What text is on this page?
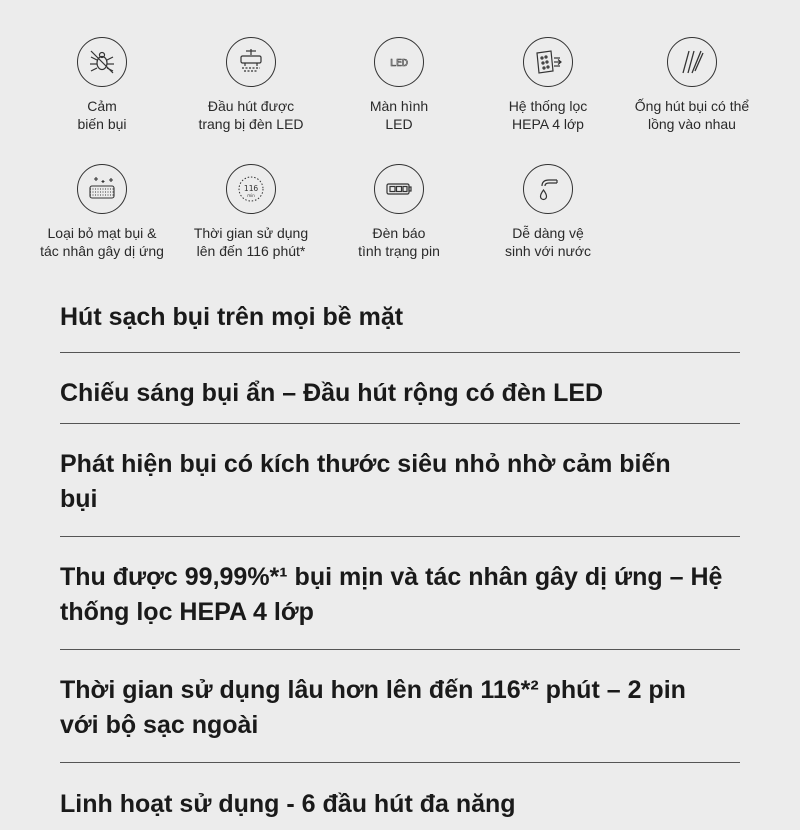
Cảm
biến bụi
Đầu hút được
trang bị đèn LED
LED
Màn hình
LED
Hệ thống lọc
HEPA 4 lớp
Ống hút bụi có thể
lồng vào nhau
Loại bỏ mạt bụi &
tác nhân gây dị ứng
116
min
Thời gian sử dụng
lên đến 116 phút*
Đèn báo
tình trạng pin
Dễ dàng vệ
sinh với nước
Hút sạch bụi trên mọi bề mặt
Chiếu sáng bụi ẩn – Đầu hút rộng có đèn LED
Phát hiện bụi có kích thước siêu nhỏ nhờ cảm biến bụi
Thu được 99,99%*¹ bụi mịn và tác nhân gây dị ứng – Hệ thống lọc HEPA 4 lớp
Thời gian sử dụng lâu hơn lên đến 116*² phút – 2 pin với bộ sạc ngoài
Linh hoạt sử dụng - 6 đầu hút đa năng
